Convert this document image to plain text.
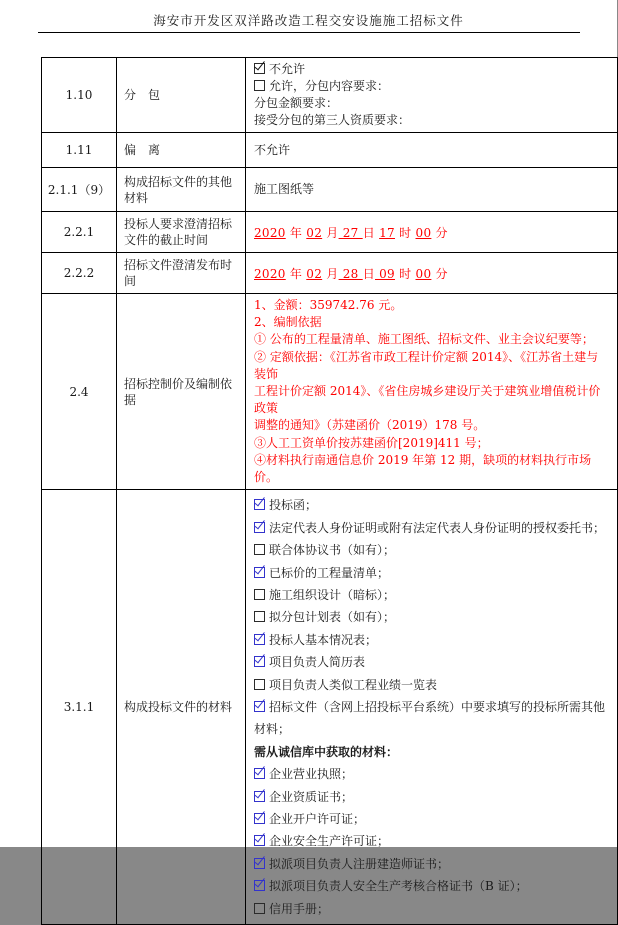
海安市开发区双洋路改造工程交安设施施工招标文件
1.10	分　包	不允许
允许，分包内容要求：
分包金额要求：
接受分包的第三人资质要求：

1.11	偏　离	不允许

2.1.1（9）	构成招标文件的其他材料	施工图纸等

2.2.1	投标人要求澄清招标文件的截止时间	2020 年 02 月 27 日 17 时 00 分

2.2.2	招标文件澄清发布时间	2020 年 02 月 28 日 09 时 00 分

2.4	招标控制价及编制依据	
1、金额：359742.76 元。
2、编制依据
① 公布的工程量清单、施工图纸、招标文件、业主会议纪要等；
② 定额依据：《江苏省市政工程计价定额 2014》、《江苏省土建与装饰
工程计价定额 2014》、《省住房城乡建设厅关于建筑业增值税计价政策
调整的通知》（苏建函价（2019）178 号。
③人工工资单价按苏建函价[2019]411 号；
④材料执行南通信息价 2019 年第 12 期，缺项的材料执行市场价。

3.1.1	构成投标文件的材料	
投标函；
法定代表人身份证明或附有法定代表人身份证明的授权委托书；
联合体协议书（如有）；
已标价的工程量清单；
施工组织设计（暗标）；
拟分包计划表（如有）；
投标人基本情况表；
项目负责人简历表
项目负责人类似工程业绩一览表
招标文件（含网上招投标平台系统）中要求填写的投标所需其他材料；
需从诚信库中获取的材料：
企业营业执照；
企业资质证书；
企业开户许可证；
企业安全生产许可证；
拟派项目负责人注册建造师证书；
拟派项目负责人安全生产考核合格证书（B 证）；
信用手册；
